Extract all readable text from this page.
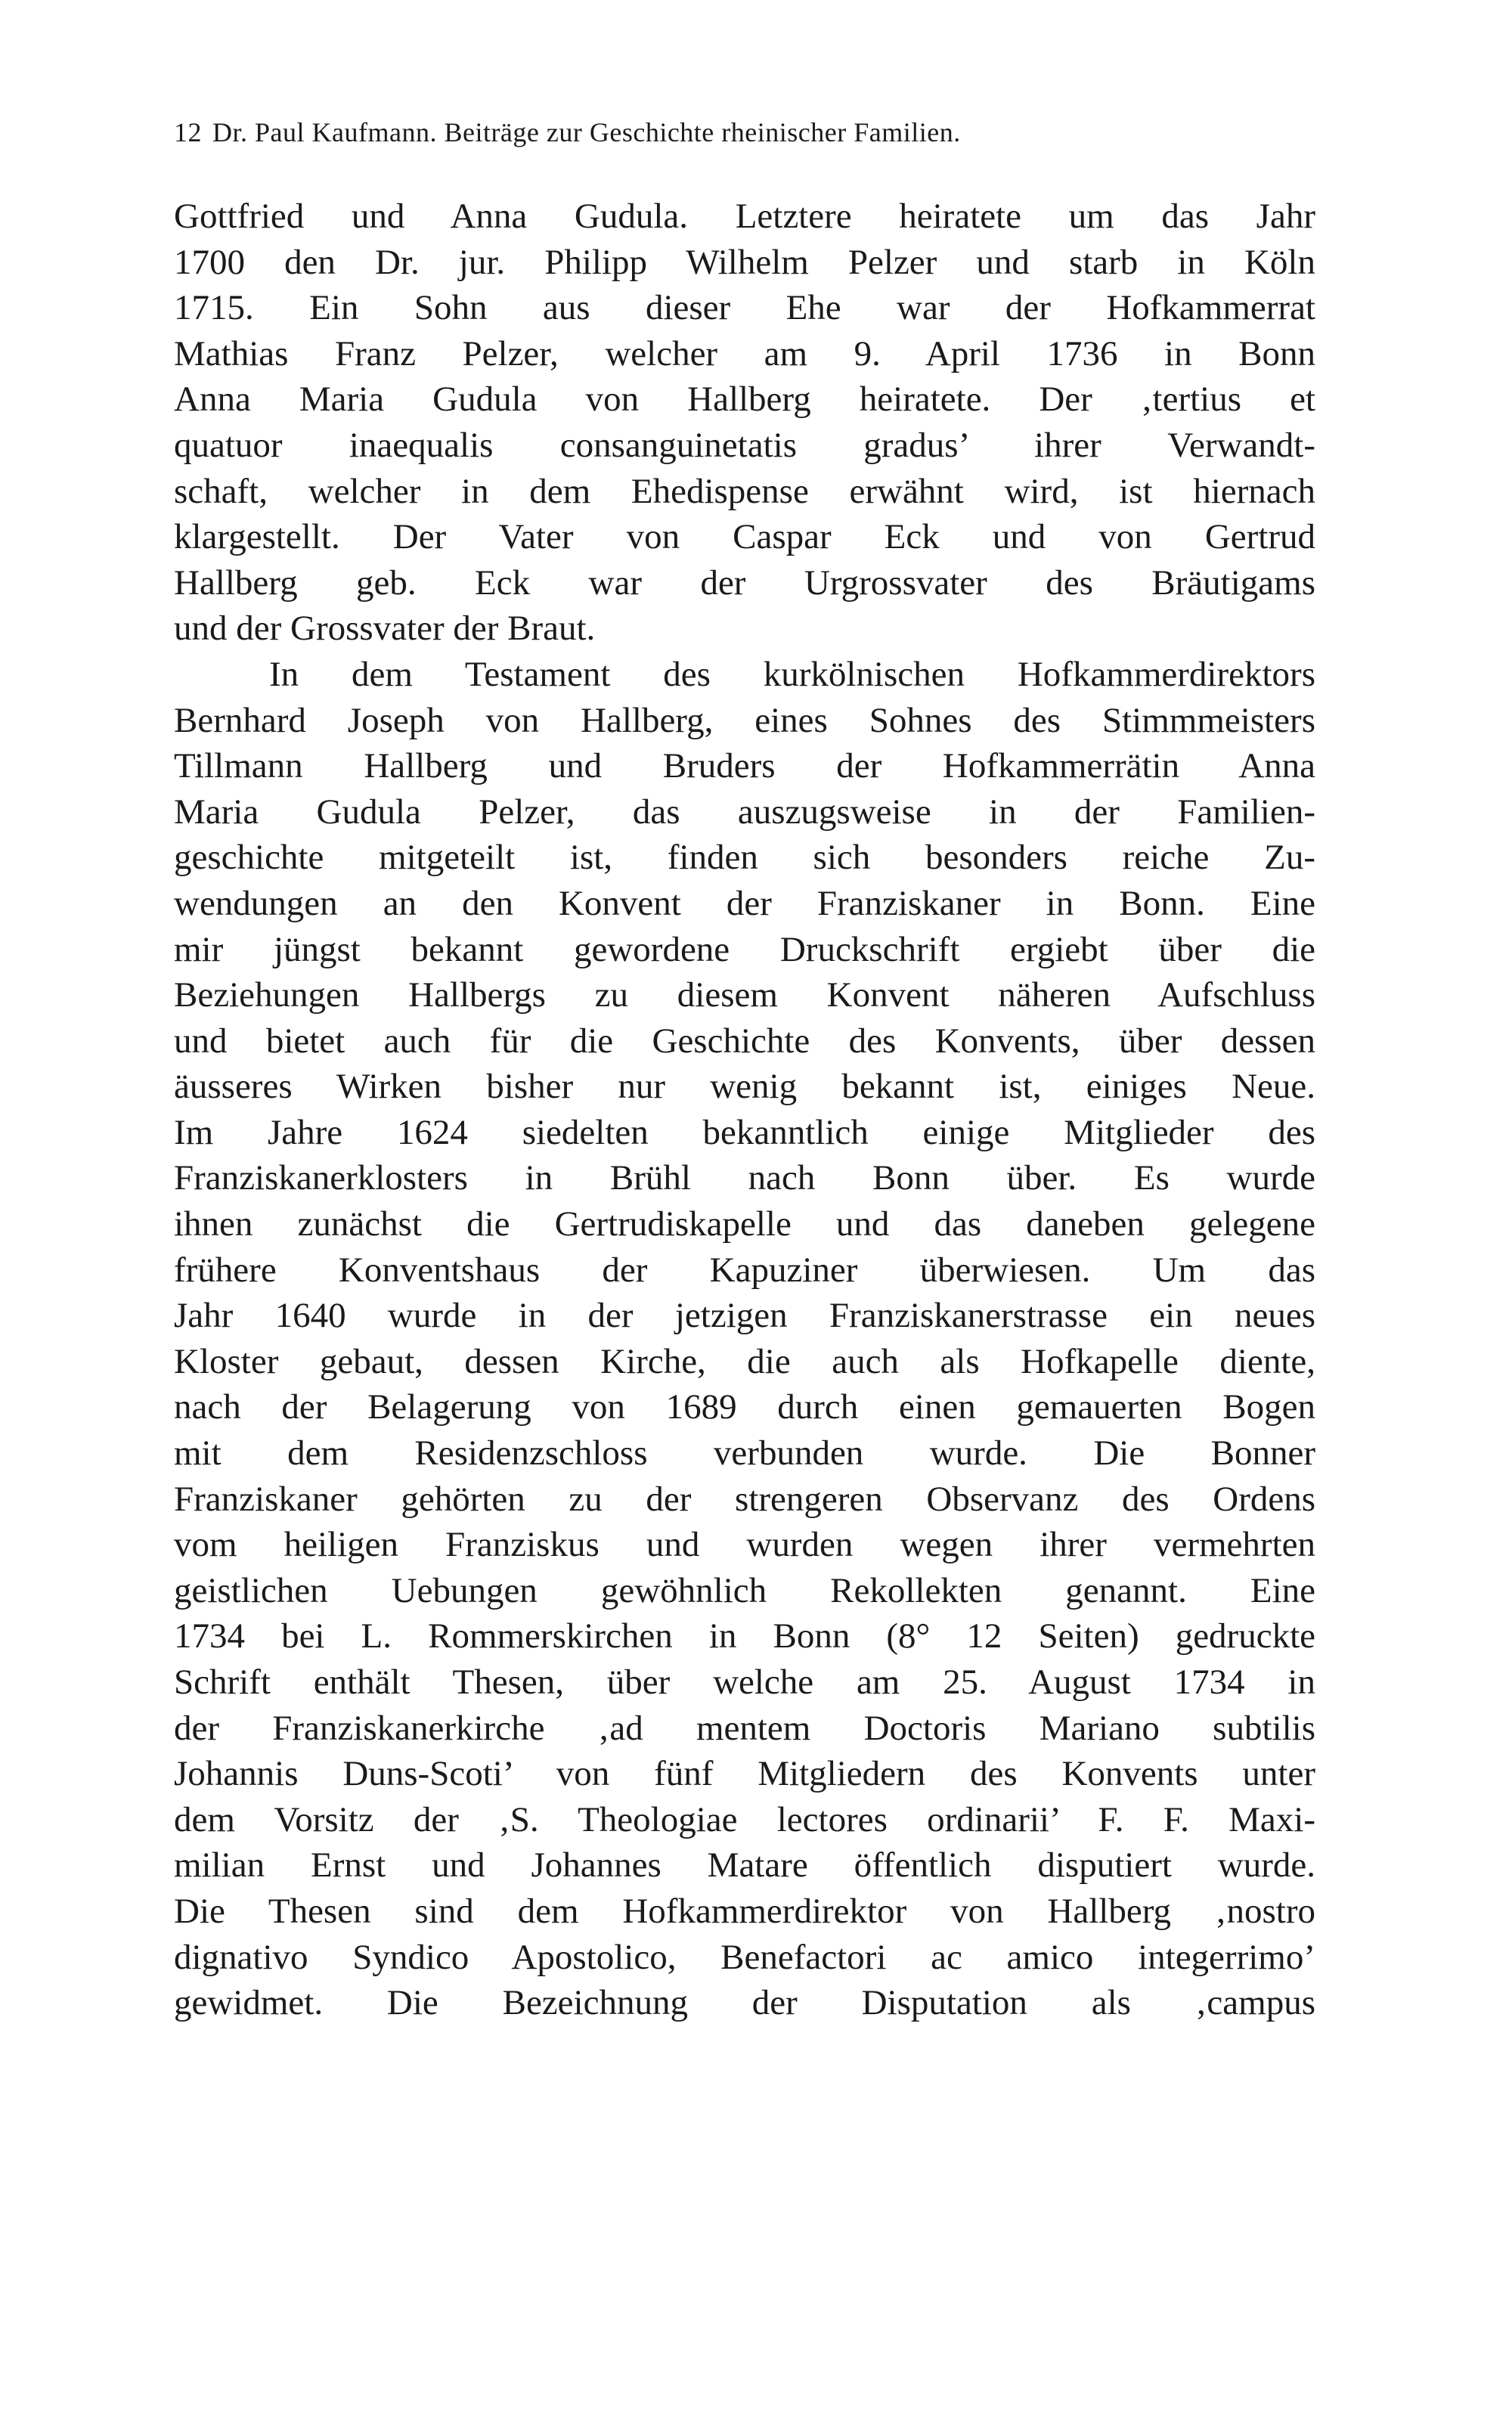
12 Dr. Paul Kaufmann. Beiträge zur Geschichte rheinischer Familien.
Gottfried und Anna Gudula. Letztere heiratete um das Jahr
1700 den Dr. jur. Philipp Wilhelm Pelzer und starb in Köln
1715. Ein Sohn aus dieser Ehe war der Hofkammerrat
Mathias Franz Pelzer, welcher am 9. April 1736 in Bonn
Anna Maria Gudula von Hallberg heiratete. Der ‚tertius et
quatuor inaequalis consanguinetatis gradus’ ihrer Verwandt-
schaft, welcher in dem Ehedispense erwähnt wird, ist hiernach
klargestellt. Der Vater von Caspar Eck und von Gertrud
Hallberg geb. Eck war der Urgrossvater des Bräutigams
und der Grossvater der Braut.
In dem Testament des kurkölnischen Hofkammerdirektors
Bernhard Joseph von Hallberg, eines Sohnes des Stimmmeisters
Tillmann Hallberg und Bruders der Hofkammerrätin Anna
Maria Gudula Pelzer, das auszugsweise in der Familien-
geschichte mitgeteilt ist, finden sich besonders reiche Zu-
wendungen an den Konvent der Franziskaner in Bonn. Eine
mir jüngst bekannt gewordene Druckschrift ergiebt über die
Beziehungen Hallbergs zu diesem Konvent näheren Aufschluss
und bietet auch für die Geschichte des Konvents, über dessen
äusseres Wirken bisher nur wenig bekannt ist, einiges Neue.
Im Jahre 1624 siedelten bekanntlich einige Mitglieder des
Franziskanerklosters in Brühl nach Bonn über. Es wurde
ihnen zunächst die Gertrudiskapelle und das daneben gelegene
frühere Konventshaus der Kapuziner überwiesen. Um das
Jahr 1640 wurde in der jetzigen Franziskanerstrasse ein neues
Kloster gebaut, dessen Kirche, die auch als Hofkapelle diente,
nach der Belagerung von 1689 durch einen gemauerten Bogen
mit dem Residenzschloss verbunden wurde. Die Bonner
Franziskaner gehörten zu der strengeren Observanz des Ordens
vom heiligen Franziskus und wurden wegen ihrer vermehrten
geistlichen Uebungen gewöhnlich Rekollekten genannt. Eine
1734 bei L. Rommerskirchen in Bonn (8° 12 Seiten) gedruckte
Schrift enthält Thesen, über welche am 25. August 1734 in
der Franziskanerkirche ‚ad mentem Doctoris Mariano subtilis
Johannis Duns-Scoti’ von fünf Mitgliedern des Konvents unter
dem Vorsitz der ‚S. Theologiae lectores ordinarii’ F. F. Maxi-
milian Ernst und Johannes Matare öffentlich disputiert wurde.
Die Thesen sind dem Hofkammerdirektor von Hallberg ‚nostro
dignativo Syndico Apostolico, Benefactori ac amico integerrimo’
gewidmet. Die Bezeichnung der Disputation als ‚campus
